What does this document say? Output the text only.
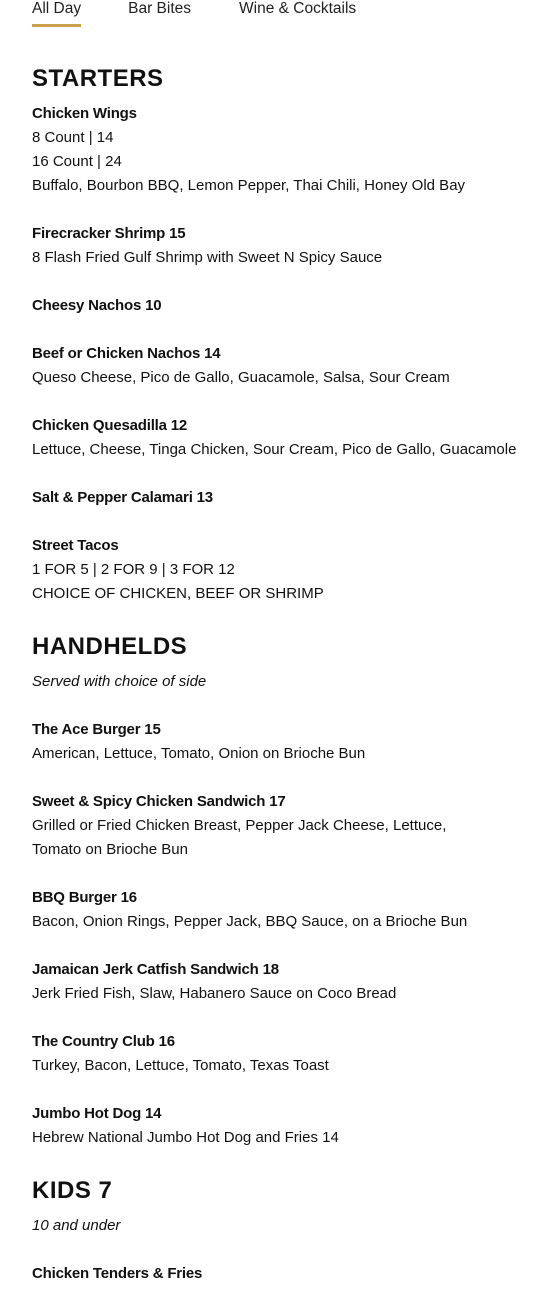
All Day	Bar Bites	Wine & Cocktails
STARTERS
Chicken Wings
8 Count | 14
16 Count | 24
Buffalo, Bourbon BBQ, Lemon Pepper, Thai Chili, Honey Old Bay
Firecracker Shrimp 15
8 Flash Fried Gulf Shrimp with Sweet N Spicy Sauce
Cheesy Nachos 10
Beef or Chicken Nachos 14
Queso Cheese, Pico de Gallo, Guacamole, Salsa, Sour Cream
Chicken Quesadilla 12
Lettuce, Cheese, Tinga Chicken, Sour Cream, Pico de Gallo, Guacamole
Salt & Pepper Calamari 13
Street Tacos
1 FOR 5 | 2 FOR 9 | 3 FOR 12
CHOICE OF CHICKEN, BEEF OR SHRIMP
HANDHELDS
Served with choice of side
The Ace Burger 15
American, Lettuce, Tomato, Onion on Brioche Bun
Sweet & Spicy Chicken Sandwich 17
Grilled or Fried Chicken Breast, Pepper Jack Cheese, Lettuce,
Tomato on Brioche Bun
BBQ Burger 16
Bacon, Onion Rings, Pepper Jack, BBQ Sauce, on a Brioche Bun
Jamaican Jerk Catfish Sandwich 18
Jerk Fried Fish, Slaw, Habanero Sauce on Coco Bread
The Country Club 16
Turkey, Bacon, Lettuce, Tomato, Texas Toast
Jumbo Hot Dog 14
Hebrew National Jumbo Hot Dog and Fries 14
KIDS 7
10 and under
Chicken Tenders & Fries
